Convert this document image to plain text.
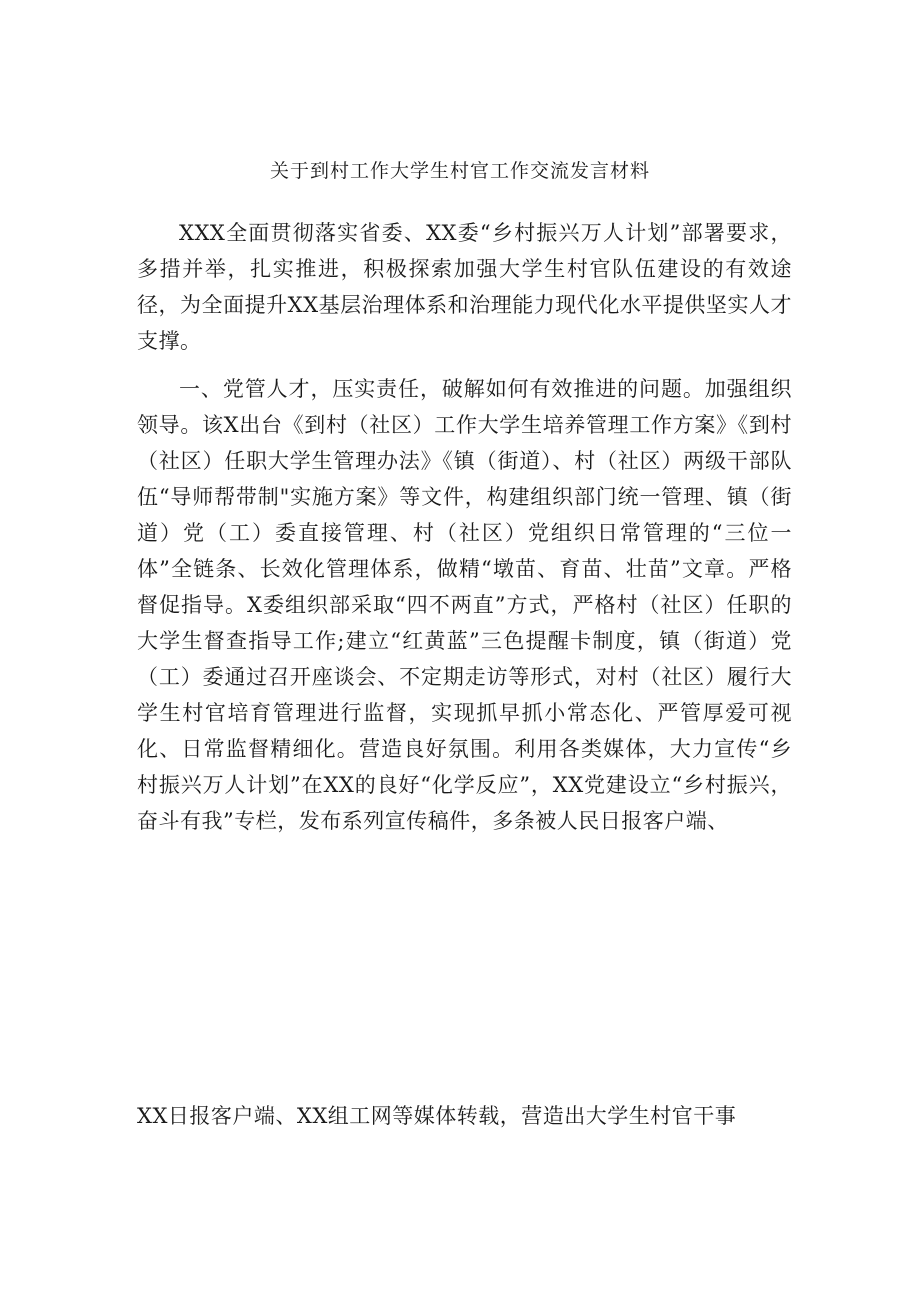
关于到村工作大学生村官工作交流发言材料

XXX全面贯彻落实省委、XX委“乡村振兴万人计划”部署要求，多措并举，扎实推进，积极探索加强大学生村官队伍建设的有效途径，为全面提升XX基层治理体系和治理能力现代化水平提供坚实人才支撑。

一、党管人才，压实责任，破解如何有效推进的问题。加强组织领导。该X出台《到村（社区）工作大学生培养管理工作方案》《到村（社区）任职大学生管理办法》《镇（街道）、村（社区）两级干部队伍“导师帮带制"实施方案》等文件，构建组织部门统一管理、镇（街道）党（工）委直接管理、村（社区）党组织日常管理的“三位一体”全链条、长效化管理体系，做精“墩苗、育苗、壮苗”文章。严格督促指导。X委组织部采取“四不两直”方式，严格村（社区）任职的大学生督查指导工作;建立“红黄蓝”三色提醒卡制度，镇（街道）党（工）委通过召开座谈会、不定期走访等形式，对村（社区）履行大学生村官培育管理进行监督，实现抓早抓小常态化、严管厚爱可视化、日常监督精细化。营造良好氛围。利用各类媒体，大力宣传“乡村振兴万人计划”在XX的良好“化学反应”，XX党建设立“乡村振兴，奋斗有我”专栏，发布系列宣传稿件，多条被人民日报客户端、

XX日报客户端、XX组工网等媒体转载，营造出大学生村官干事
